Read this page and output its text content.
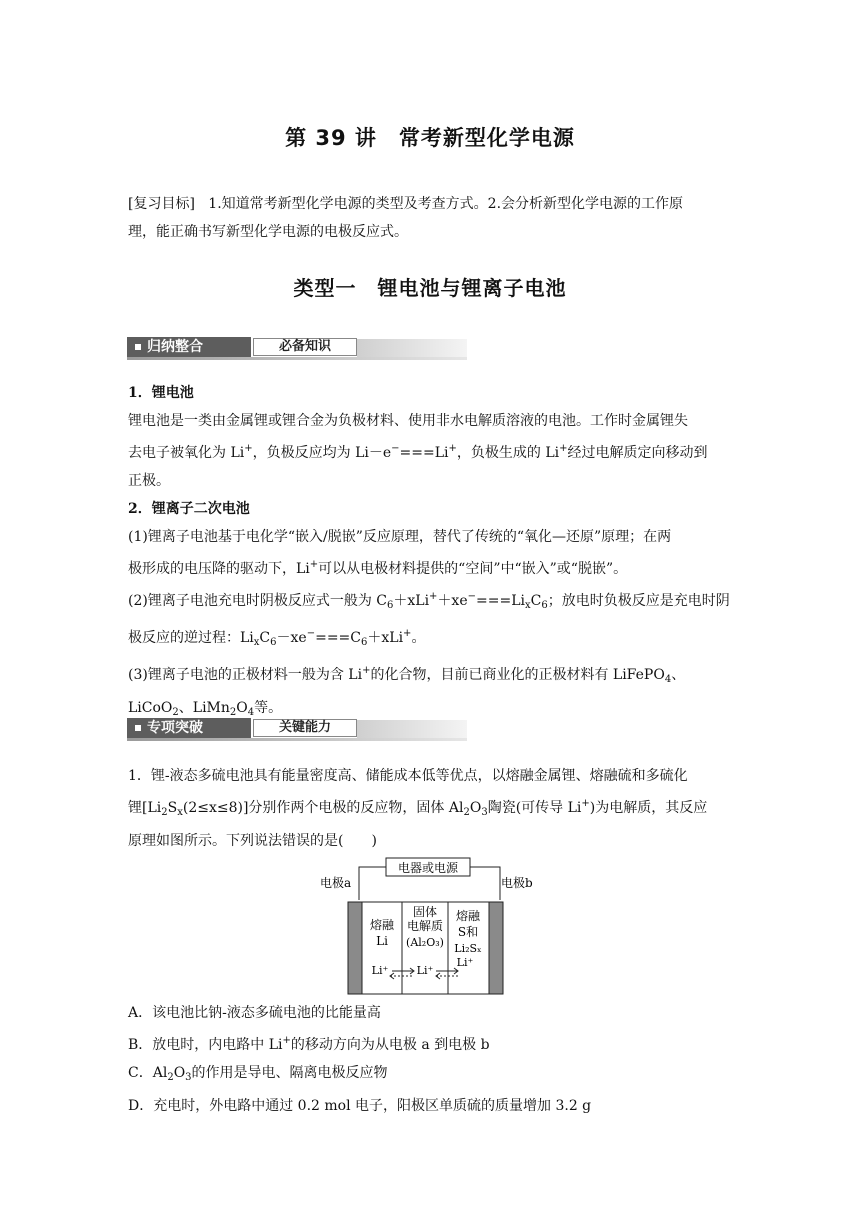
第 39 讲　常考新型化学电源
[复习目标] 1.知道常考新型化学电源的类型及考查方式。2.会分析新型化学电源的工作原
理，能正确书写新型化学电源的电极反应式。
类型一　锂电池与锂离子电池
归纳整合	必备知识
1．锂电池
锂电池是一类由金属锂或锂合金为负极材料、使用非水电解质溶液的电池。工作时金属锂失
去电子被氧化为 Li+，负极反应均为 Li－e−===Li+，负极生成的 Li+经过电解质定向移动到
正极。
2．锂离子二次电池
(1)锂离子电池基于电化学“嵌入/脱嵌”反应原理，替代了传统的“氧化—还原”原理；在两
极形成的电压降的驱动下，Li+可以从电极材料提供的“空间”中“嵌入”或“脱嵌”。
(2)锂离子电池充电时阴极反应式一般为 $C_6+xLi^++xe^-===Li_xC_6$；放电时负极反应是充电时阴
极反应的逆过程：$Li_xC_6-xe^-===C_6+xLi^+$。
(3)锂离子电池的正极材料一般为含 Li+的化合物，目前已商业化的正极材料有 LiFePO$_4$、
LiCoO$_2$、$LiMn_2O_4$等。
专项突破	关键能力
1．锂-液态多硫电池具有能量密度高、储能成本低等优点，以熔融金属锂、熔融硫和多硫化
锂$[Li_2S_x(2\le x\le 8)]$分别作两个电极的反应物，固体 $Al_2O_3$陶瓷(可传导 Li+)为电解质，其反应
原理如图所示。下列说法错误的是(　　)
电器或电源
电极a	电极b
熔融
Li
固体
电解质
(Al₂O₃)
熔融
S和
Li₂Sₓ
Li⁺	Li⁺
Li⁺
A．该电池比钠-液态多硫电池的比能量高
B．放电时，内电路中 Li+的移动方向为从电极 a 到电极 b
C．$Al_2O_3$的作用是导电、隔离电极反应物
D．充电时，外电路中通过 0.2 mol 电子，阳极区单质硫的质量增加 3.2 g
